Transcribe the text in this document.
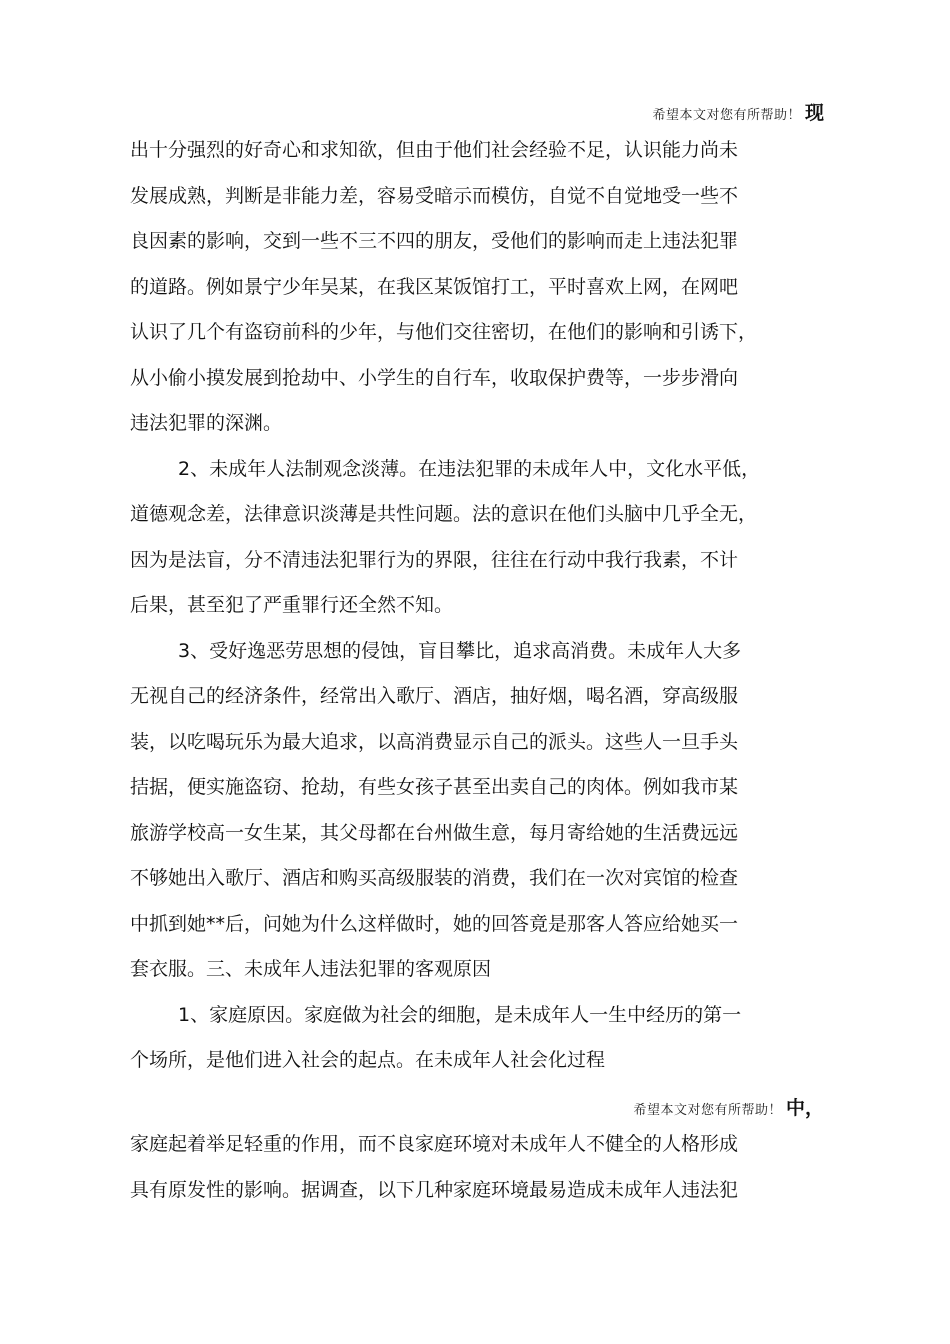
希望本文对您有所帮助！ 现
出十分强烈的好奇心和求知欲，但由于他们社会经验不足，认识能力尚未
发展成熟，判断是非能力差，容易受暗示而模仿，自觉不自觉地受一些不
良因素的影响，交到一些不三不四的朋友，受他们的影响而走上违法犯罪
的道路。例如景宁少年吴某，在我区某饭馆打工，平时喜欢上网，在网吧
认识了几个有盗窃前科的少年，与他们交往密切，在他们的影响和引诱下，
从小偷小摸发展到抢劫中、小学生的自行车，收取保护费等，一步步滑向
违法犯罪的深渊。
2、未成年人法制观念淡薄。在违法犯罪的未成年人中，文化水平低，
道德观念差，法律意识淡薄是共性问题。法的意识在他们头脑中几乎全无，
因为是法盲，分不清违法犯罪行为的界限，往往在行动中我行我素，不计
后果，甚至犯了严重罪行还全然不知。
3、受好逸恶劳思想的侵蚀，盲目攀比，追求高消费。未成年人大多
无视自己的经济条件，经常出入歌厅、酒店，抽好烟，喝名酒，穿高级服
装，以吃喝玩乐为最大追求，以高消费显示自己的派头。这些人一旦手头
拮据，便实施盗窃、抢劫，有些女孩子甚至出卖自己的肉体。例如我市某
旅游学校高一女生某，其父母都在台州做生意，每月寄给她的生活费远远
不够她出入歌厅、酒店和购买高级服装的消费，我们在一次对宾馆的检查
中抓到她**后，问她为什么这样做时，她的回答竟是那客人答应给她买一
套衣服。三、未成年人违法犯罪的客观原因
1、家庭原因。家庭做为社会的细胞，是未成年人一生中经历的第一
个场所，是他们进入社会的起点。在未成年人社会化过程
希望本文对您有所帮助！ 中，
家庭起着举足轻重的作用，而不良家庭环境对未成年人不健全的人格形成
具有原发性的影响。据调查，以下几种家庭环境最易造成未成年人违法犯
